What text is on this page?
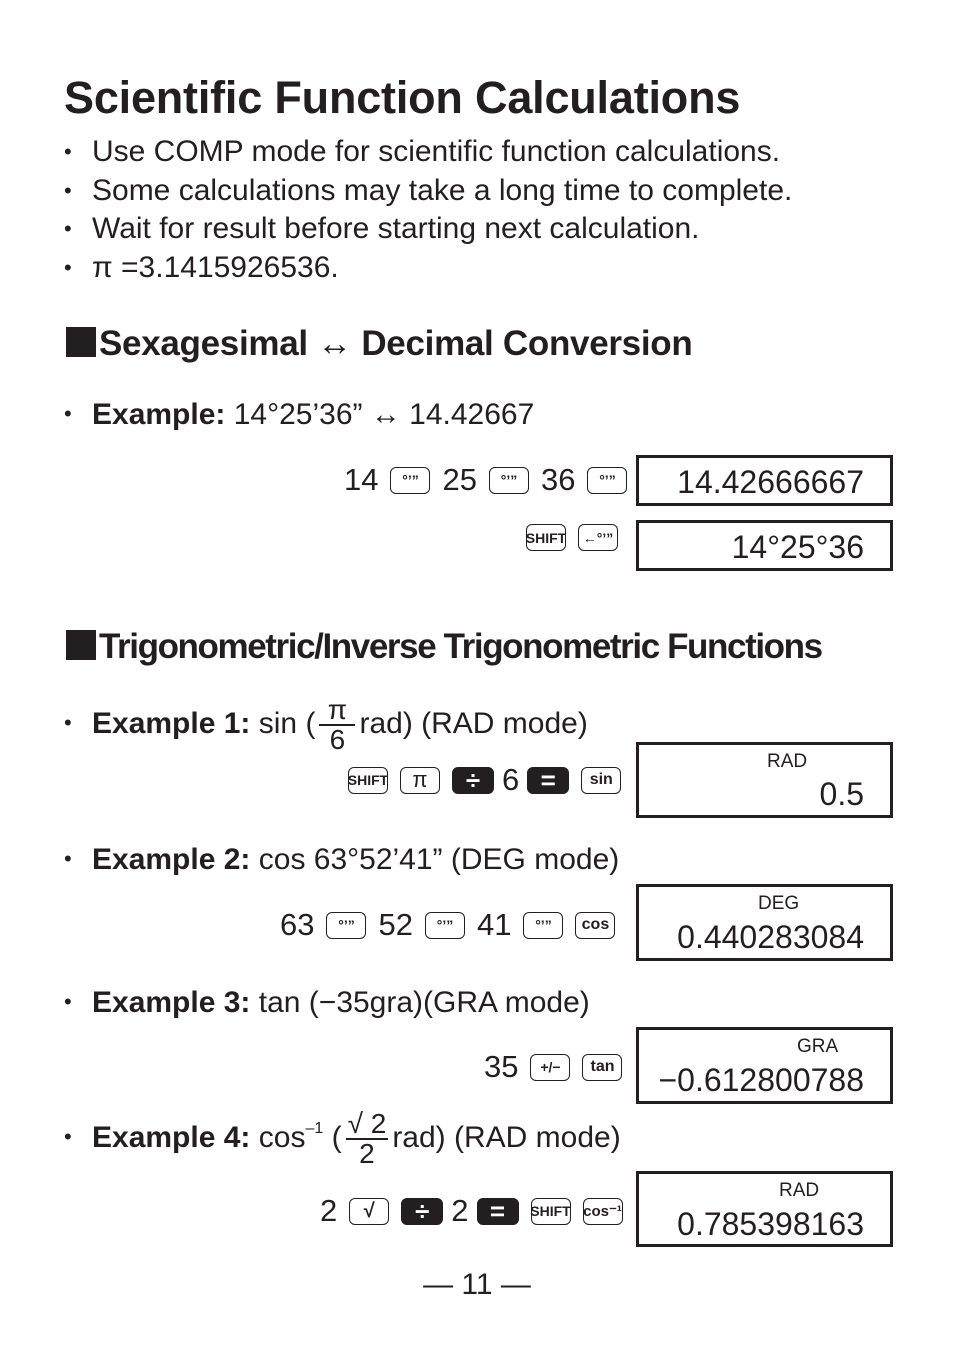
Scientific Function Calculations
• Use COMP mode for scientific function calculations.
• Some calculations may take a long time to complete.
• Wait for result before starting next calculation.
• π =3.1415926536.
Sexagesimal ↔ Decimal Conversion
• Example: 14°25’36” ↔ 14.42667
14 °’” 25 °’” 36 °’” 14.42666667
SHIFT ←°’”	14°25°36
Trigonometric/Inverse Trigonometric Functions
• Example 1: sin ( $\frac{\pi}{6} rad$) (RAD mode)
SHIFT π ÷ 6 = sin
RAD
0.5
• Example 2: cos 63°52’41” (DEG mode)
63 °’” 52 °’” 41 °’” cos
DEG
0.440283084
• Example 3: tan (−35gra)(GRA mode)
35 +/− tan
GRA
−0.612800788
• Example 4: $\cos^{-1}$ ( $\frac{√ 2}{2} rad$) (RAD mode)
2 √ ÷ 2 = SHIFT cos⁻¹
RAD
0.785398163
— 11 —
